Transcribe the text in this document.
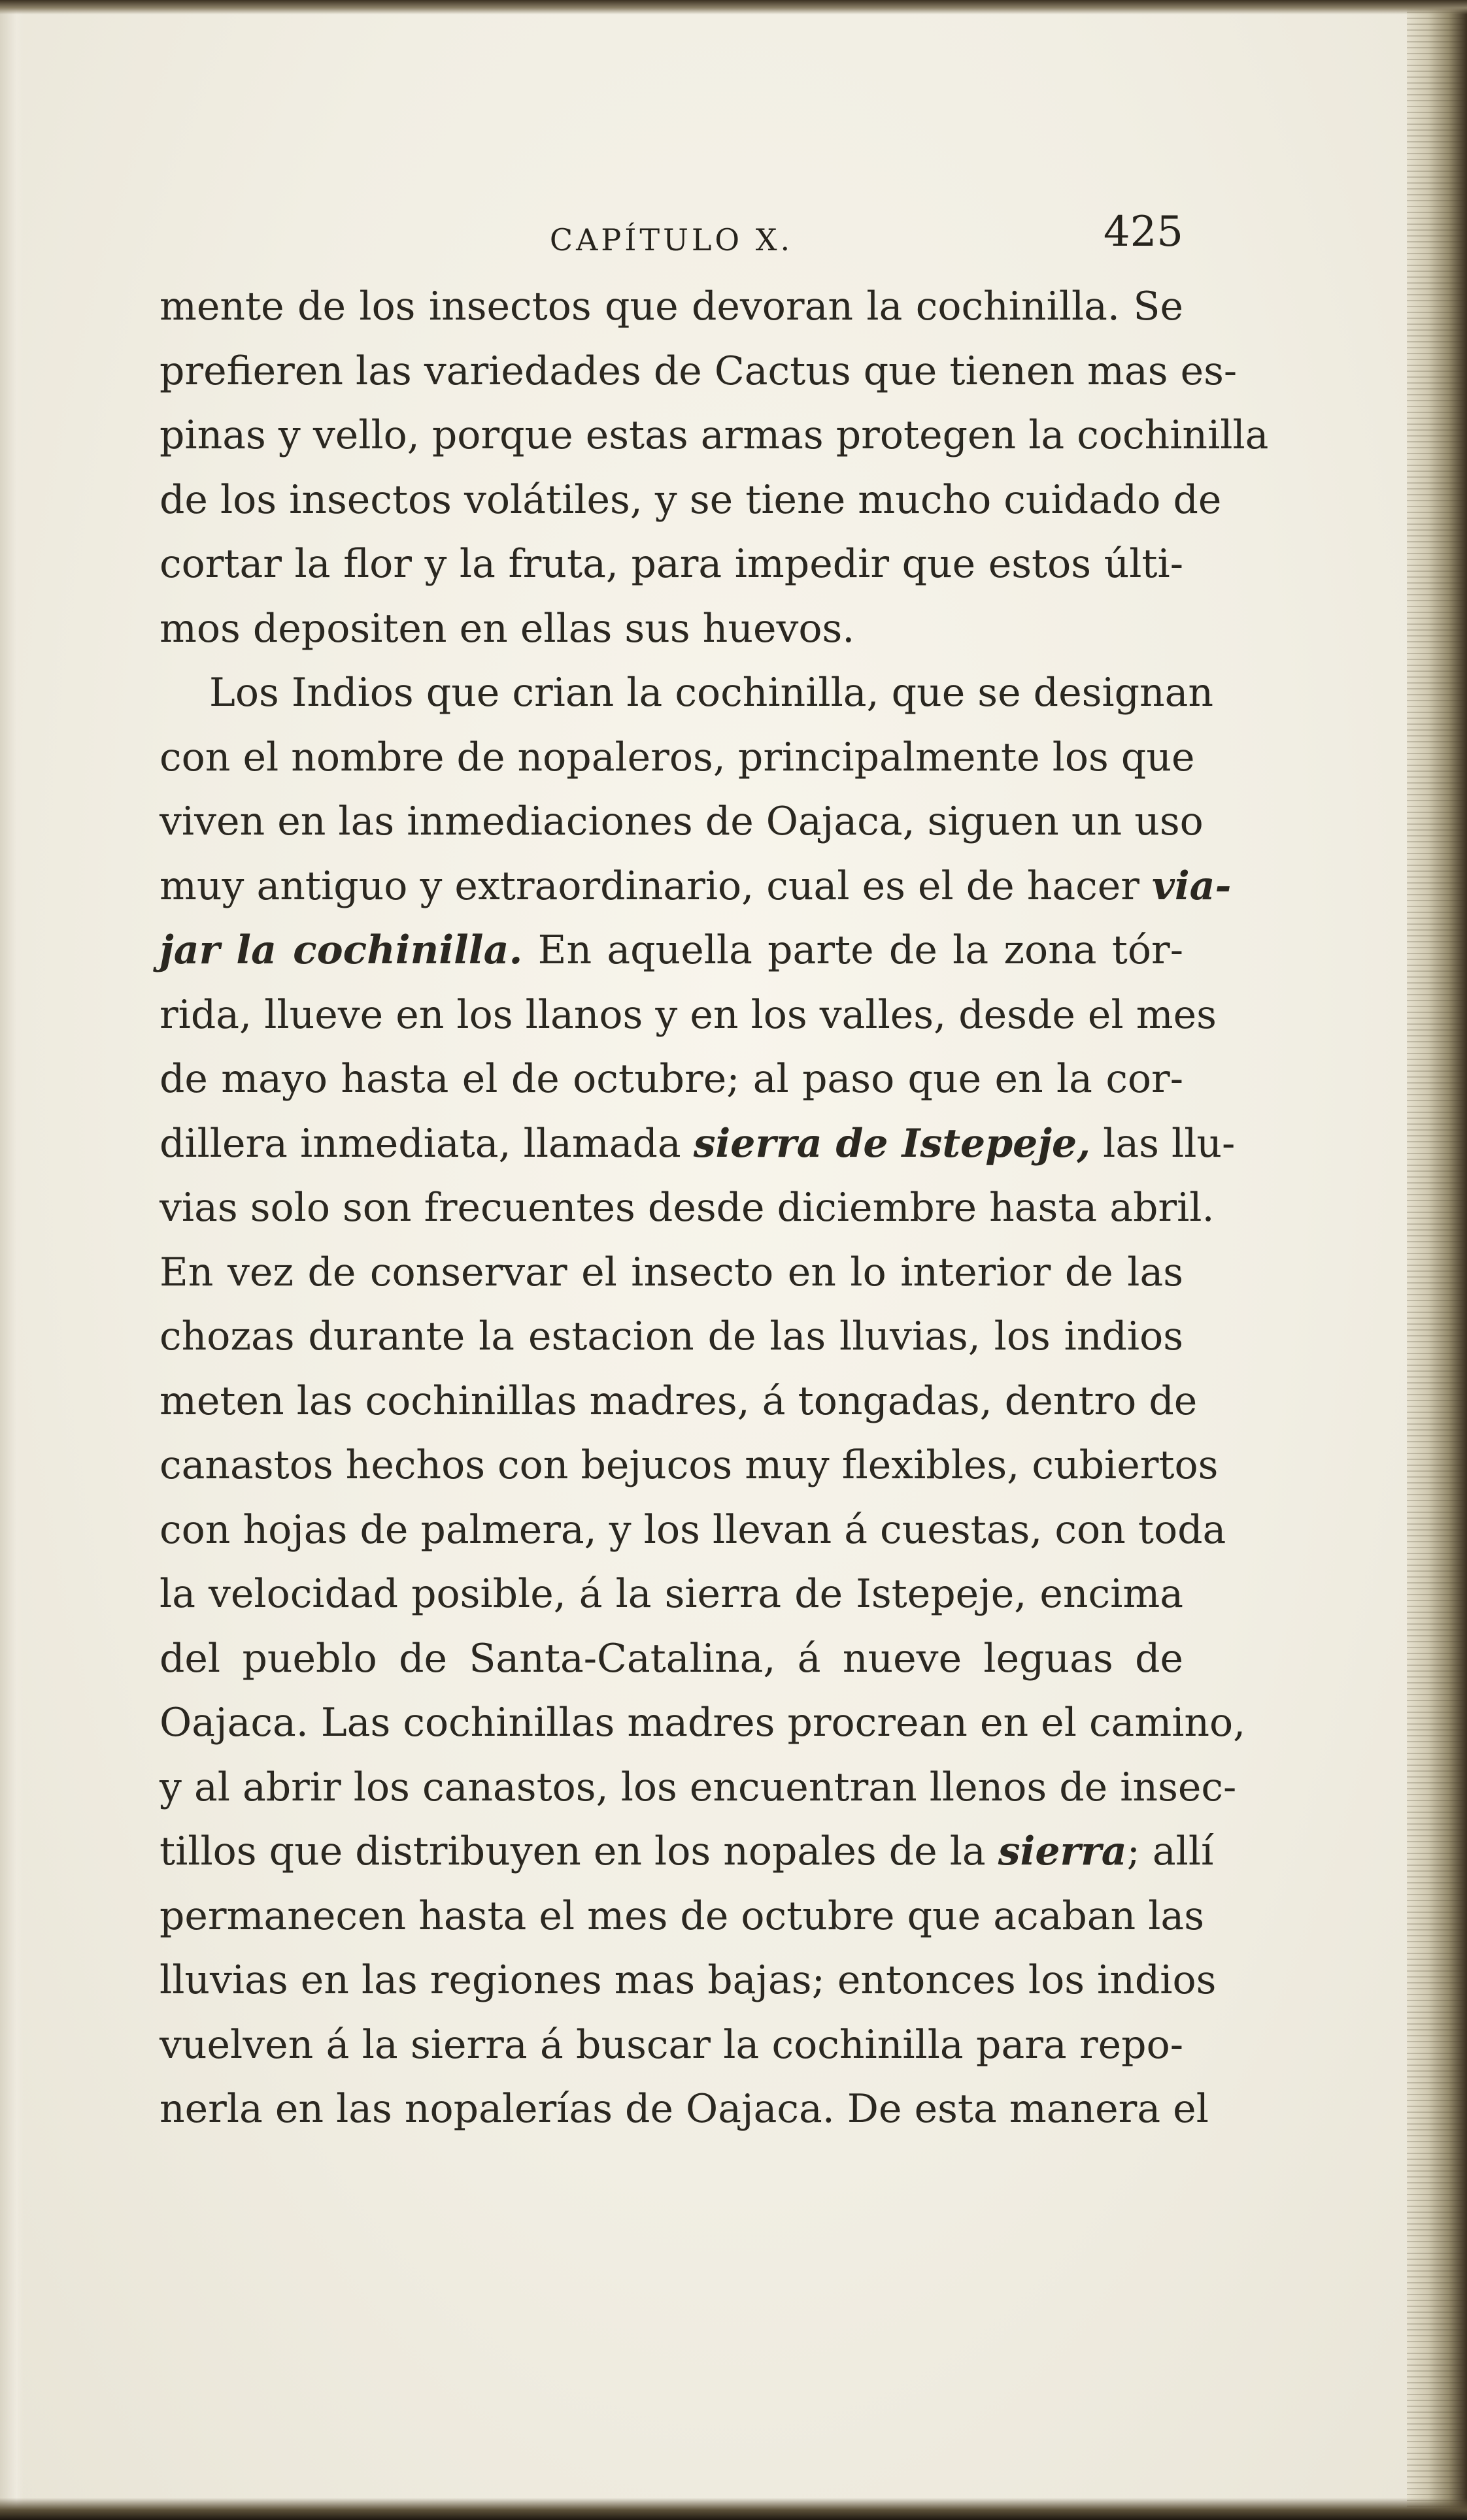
CAPÍTULO X.	425
mente de los insectos que devoran la cochinilla. Se
prefieren las variedades de Cactus que tienen mas es-
pinas y vello, porque estas armas protegen la cochinilla
de los insectos volátiles, y se tiene mucho cuidado de
cortar la flor y la fruta, para impedir que estos últi-
mos depositen en ellas sus huevos.
Los Indios que crian la cochinilla, que se designan
con el nombre de nopaleros, principalmente los que
viven en las inmediaciones de Oajaca, siguen un uso
muy antiguo y extraordinario, cual es el de hacer via-
jar la cochinilla. En aquella parte de la zona tór-
rida, llueve en los llanos y en los valles, desde el mes
de mayo hasta el de octubre; al paso que en la cor-
dillera inmediata, llamada sierra de Istepeje, las llu-
vias solo son frecuentes desde diciembre hasta abril.
En vez de conservar el insecto en lo interior de las
chozas durante la estacion de las lluvias, los indios
meten las cochinillas madres, á tongadas, dentro de
canastos hechos con bejucos muy flexibles, cubiertos
con hojas de palmera, y los llevan á cuestas, con toda
la velocidad posible, á la sierra de Istepeje, encima
del pueblo de Santa-Catalina, á nueve leguas de
Oajaca. Las cochinillas madres procrean en el camino,
y al abrir los canastos, los encuentran llenos de insec-
tillos que distribuyen en los nopales de la sierra; allí
permanecen hasta el mes de octubre que acaban las
lluvias en las regiones mas bajas; entonces los indios
vuelven á la sierra á buscar la cochinilla para repo-
nerla en las nopalerías de Oajaca. De esta manera el
